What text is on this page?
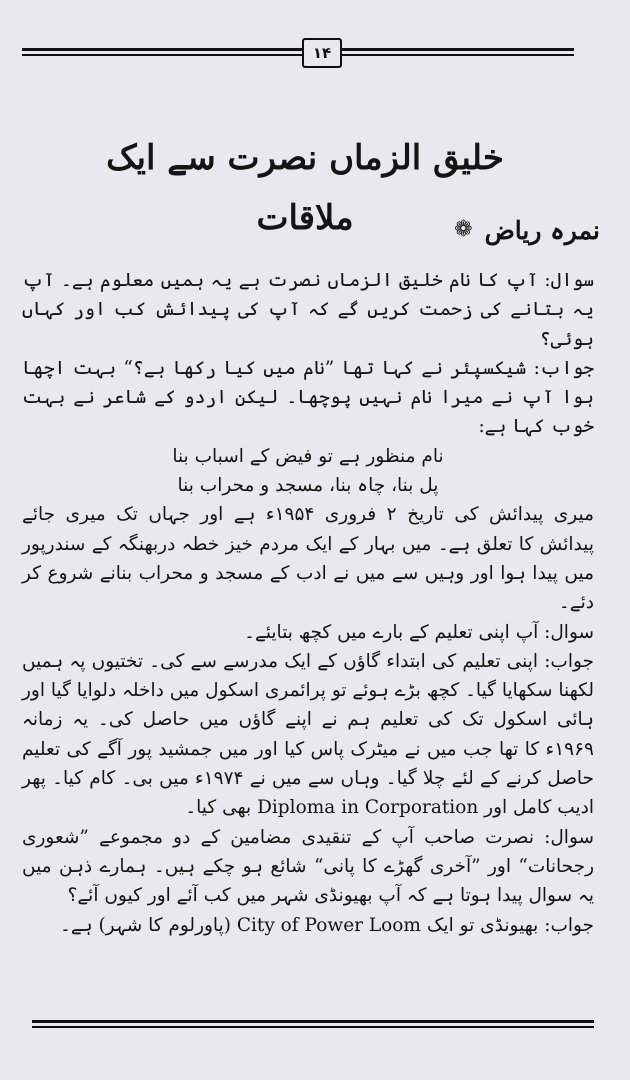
۱۴
خلیق الزماں نصرت سے ایک ملاقات	نمرہ ریاض
❁

سوال: آپ کا نام خلیق الزماں نصرت ہے یہ ہمیں معلوم ہے۔ آپ یہ بتانے کی زحمت کریں گے کہ آپ کی پیدائش کب اور کہاں ہوئی؟

جواب: شیکسپئر نے کہا تھا ”نام میں کیا رکھا ہے؟“ بہت اچھا ہوا آپ نے میرا نام نہیں پوچھا۔ لیکن اردو کے شاعر نے بہت خوب کہا ہے:

نام منظور ہے تو فیض کے اسباب بنا

پل بنا، چاہ بنا، مسجد و محراب بنا

میری پیدائش کی تاریخ ۲ فروری ۱۹۵۴ء ہے اور جہاں تک میری جائے پیدائش کا تعلق ہے۔ میں بہار کے ایک مردم خیز خطہ دربھنگہ کے سندرپور میں پیدا ہوا اور وہیں سے میں نے ادب کے مسجد و محراب بنانے شروع کر دئے۔

سوال: آپ اپنی تعلیم کے بارے میں کچھ بتایئے۔

جواب: اپنی تعلیم کی ابتداء گاؤں کے ایک مدرسے سے کی۔ تختیوں پہ ہمیں لکھنا سکھایا گیا۔ کچھ بڑے ہوئے تو پرائمری اسکول میں داخلہ دلوایا گیا اور ہائی اسکول تک کی تعلیم ہم نے اپنے گاؤں میں حاصل کی۔ یہ زمانہ ۱۹۶۹ء کا تھا جب میں نے میٹرک پاس کیا اور میں جمشید پور آگے کی تعلیم حاصل کرنے کے لئے چلا گیا۔ وہاں سے میں نے ۱۹۷۴ء میں بی۔ کام کیا۔ پھر ادیب کامل اور Diploma in Corporation بھی کیا۔

سوال: نصرت صاحب آپ کے تنقیدی مضامین کے دو مجموعے ”شعوری رجحانات“ اور ”آخری گھڑے کا پانی“ شائع ہو چکے ہیں۔ ہمارے ذہن میں یہ سوال پیدا ہوتا ہے کہ آپ بھیونڈی شہر میں کب آئے اور کیوں آئے؟

جواب: بھیونڈی تو ایک City of Power Loom (پاورلوم کا شہر) ہے۔
